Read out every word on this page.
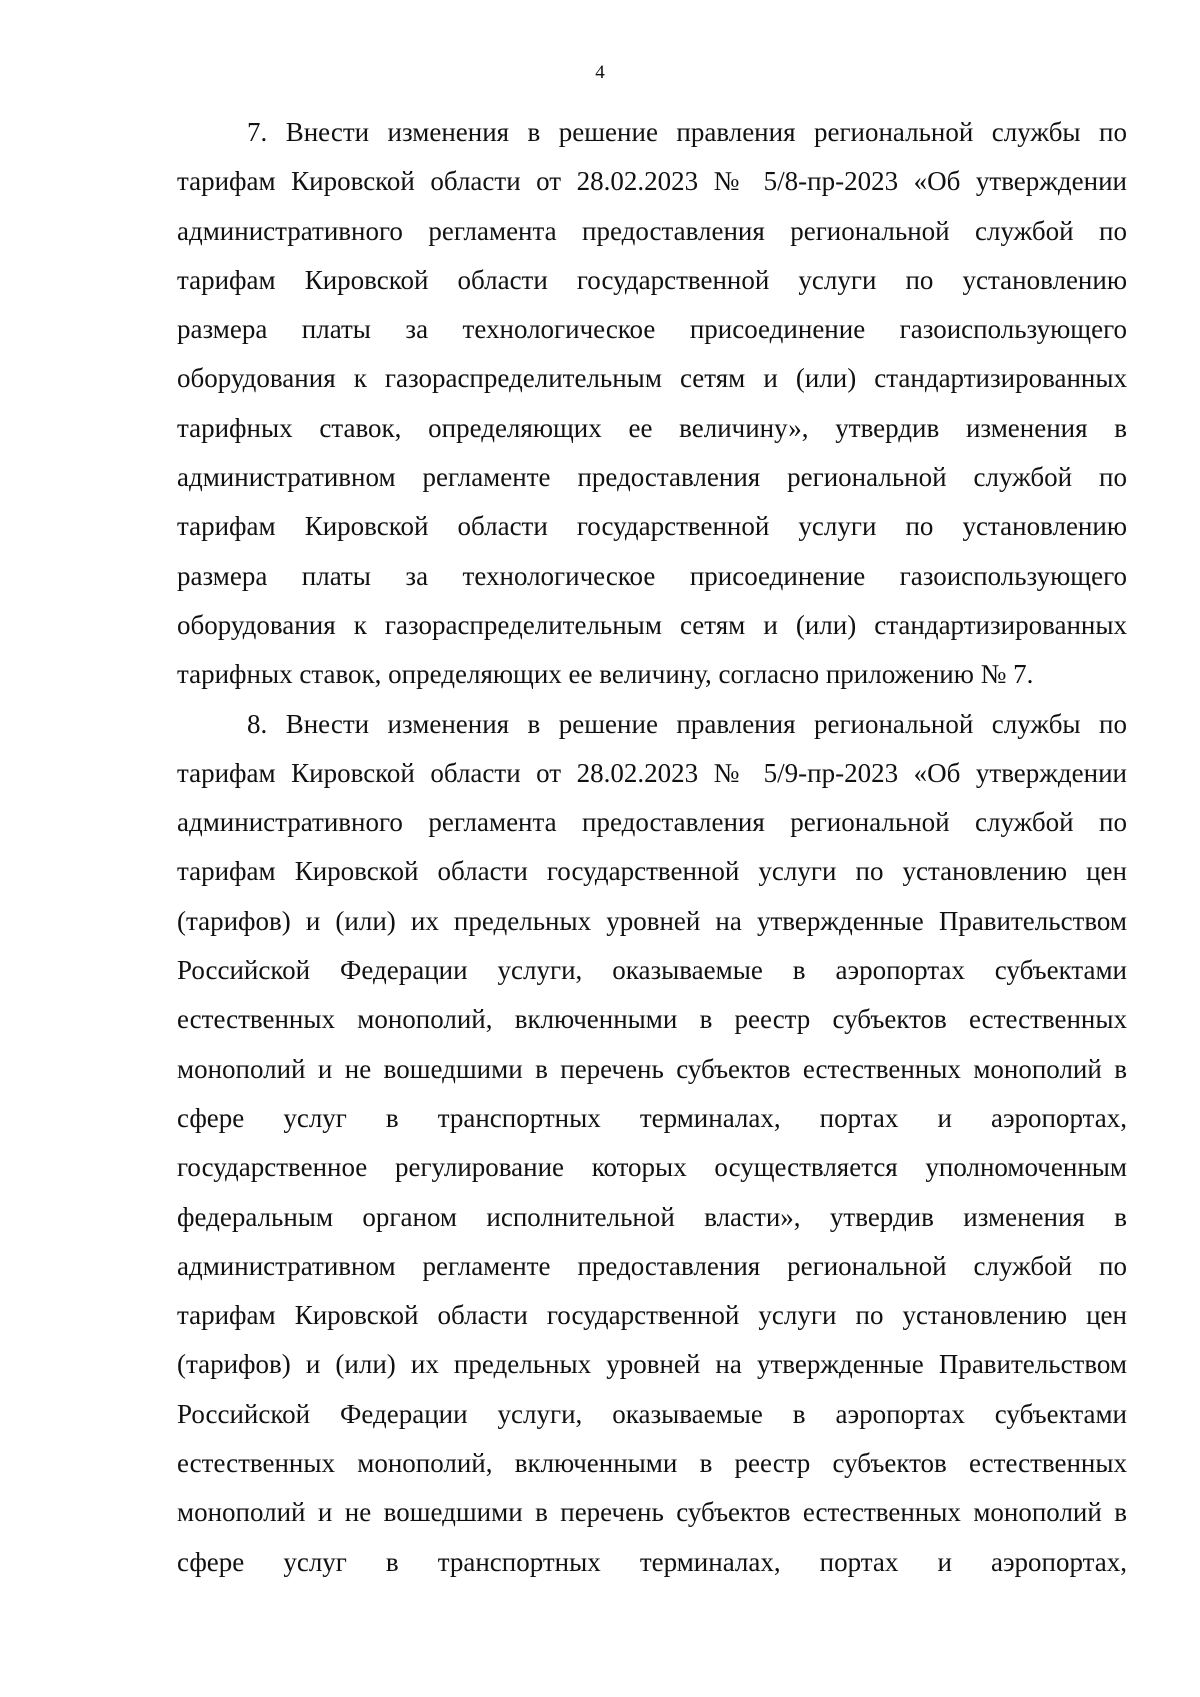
4
7. Внести изменения в решение правления региональной службы по
тарифам Кировской области от 28.02.2023 № 5/8-пр-2023 «Об утверждении
административного регламента предоставления региональной службой по
тарифам Кировской области государственной услуги по установлению
размера платы за технологическое присоединение газоиспользующего
оборудования к газораспределительным сетям и (или) стандартизированных
тарифных ставок, определяющих ее величину», утвердив изменения в
административном регламенте предоставления региональной службой по
тарифам Кировской области государственной услуги по установлению
размера платы за технологическое присоединение газоиспользующего
оборудования к газораспределительным сетям и (или) стандартизированных
тарифных ставок, определяющих ее величину, согласно приложению № 7.
8. Внести изменения в решение правления региональной службы по
тарифам Кировской области от 28.02.2023 № 5/9-пр-2023 «Об утверждении
административного регламента предоставления региональной службой по
тарифам Кировской области государственной услуги по установлению цен
(тарифов) и (или) их предельных уровней на утвержденные Правительством
Российской Федерации услуги, оказываемые в аэропортах субъектами
естественных монополий, включенными в реестр субъектов естественных
монополий и не вошедшими в перечень субъектов естественных монополий в
сфере услуг в транспортных терминалах, портах и аэропортах,
государственное регулирование которых осуществляется уполномоченным
федеральным органом исполнительной власти», утвердив изменения в
административном регламенте предоставления региональной службой по
тарифам Кировской области государственной услуги по установлению цен
(тарифов) и (или) их предельных уровней на утвержденные Правительством
Российской Федерации услуги, оказываемые в аэропортах субъектами
естественных монополий, включенными в реестр субъектов естественных
монополий и не вошедшими в перечень субъектов естественных монополий в
сфере услуг в транспортных терминалах, портах и аэропортах,
